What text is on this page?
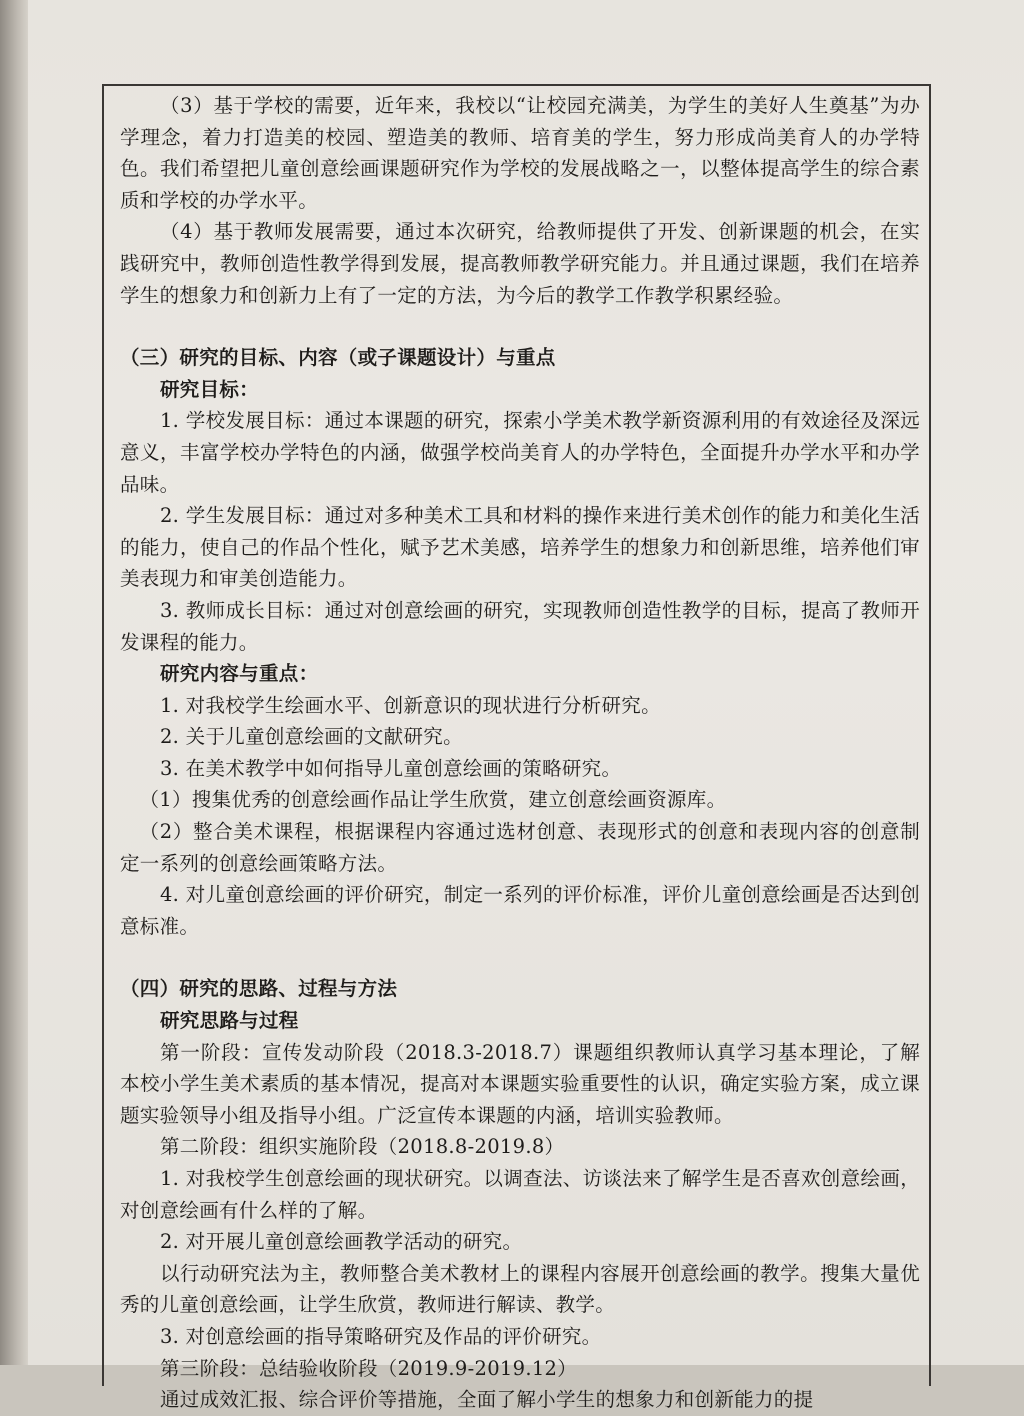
（3）基于学校的需要，近年来，我校以“让校园充满美，为学生的美好人生奠基”为办学理念，着力打造美的校园、塑造美的教师、培育美的学生，努力形成尚美育人的办学特色。我们希望把儿童创意绘画课题研究作为学校的发展战略之一，以整体提高学生的综合素质和学校的办学水平。

（4）基于教师发展需要，通过本次研究，给教师提供了开发、创新课题的机会，在实践研究中，教师创造性教学得到发展，提高教师教学研究能力。并且通过课题，我们在培养学生的想象力和创新力上有了一定的方法，为今后的教学工作教学积累经验。

（三）研究的目标、内容（或子课题设计）与重点

研究目标：

1. 学校发展目标：通过本课题的研究，探索小学美术教学新资源利用的有效途径及深远意义，丰富学校办学特色的内涵，做强学校尚美育人的办学特色，全面提升办学水平和办学品味。

2. 学生发展目标：通过对多种美术工具和材料的操作来进行美术创作的能力和美化生活的能力，使自己的作品个性化，赋予艺术美感，培养学生的想象力和创新思维，培养他们审美表现力和审美创造能力。

3. 教师成长目标：通过对创意绘画的研究，实现教师创造性教学的目标，提高了教师开发课程的能力。

研究内容与重点：

1. 对我校学生绘画水平、创新意识的现状进行分析研究。

2. 关于儿童创意绘画的文献研究。

3. 在美术教学中如何指导儿童创意绘画的策略研究。

（1）搜集优秀的创意绘画作品让学生欣赏，建立创意绘画资源库。

（2）整合美术课程，根据课程内容通过选材创意、表现形式的创意和表现内容的创意制定一系列的创意绘画策略方法。

4. 对儿童创意绘画的评价研究，制定一系列的评价标准，评价儿童创意绘画是否达到创意标准。

（四）研究的思路、过程与方法

研究思路与过程

第一阶段：宣传发动阶段（2018.3-2018.7）课题组织教师认真学习基本理论，了解本校小学生美术素质的基本情况，提高对本课题实验重要性的认识，确定实验方案，成立课题实验领导小组及指导小组。广泛宣传本课题的内涵，培训实验教师。

第二阶段：组织实施阶段（2018.8-2019.8）

1. 对我校学生创意绘画的现状研究。以调查法、访谈法来了解学生是否喜欢创意绘画，对创意绘画有什么样的了解。

2. 对开展儿童创意绘画教学活动的研究。

以行动研究法为主，教师整合美术教材上的课程内容展开创意绘画的教学。搜集大量优秀的儿童创意绘画，让学生欣赏，教师进行解读、教学。

3. 对创意绘画的指导策略研究及作品的评价研究。

第三阶段：总结验收阶段（2019.9-2019.12）

通过成效汇报、综合评价等措施，全面了解小学生的想象力和创新能力的提
